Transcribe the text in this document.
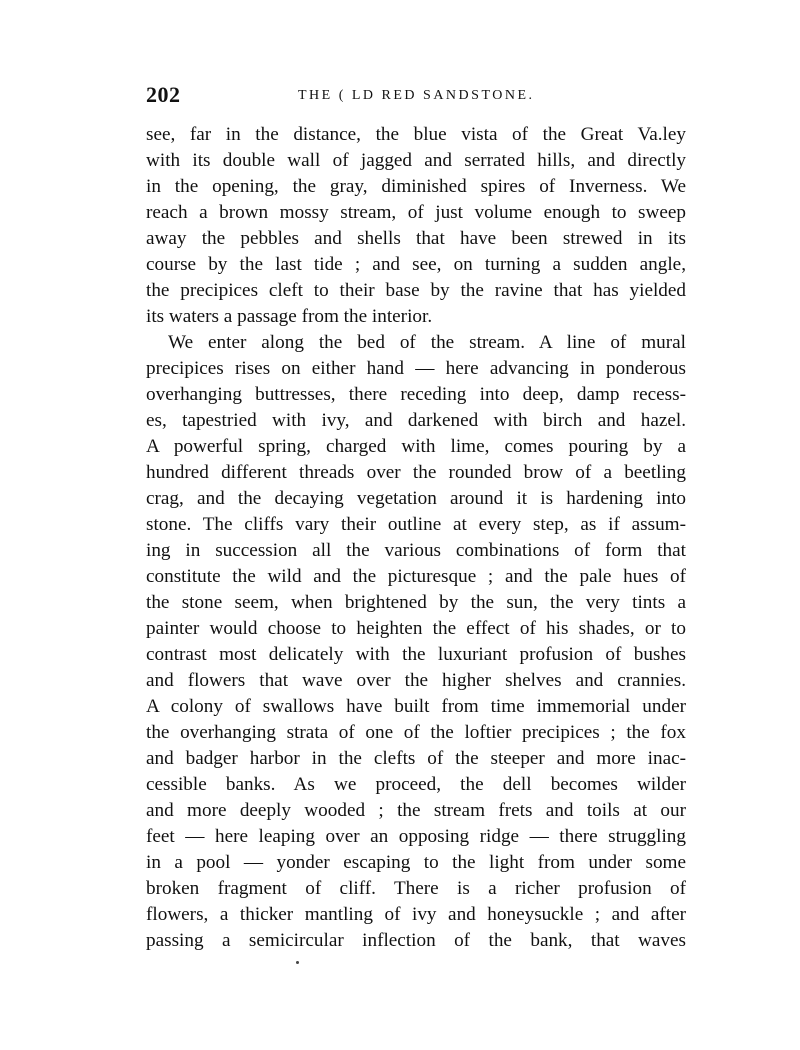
202	THE ( LD RED SANDSTONE.
see, far in the distance, the blue vista of the Great Va.ley
with its double wall of jagged and serrated hills, and directly
in the opening, the gray, diminished spires of Inverness. We
reach a brown mossy stream, of just volume enough to sweep
away the pebbles and shells that have been strewed in its
course by the last tide ; and see, on turning a sudden angle,
the precipices cleft to their base by the ravine that has yielded
its waters a passage from the interior.
We enter along the bed of the stream. A line of mural
precipices rises on either hand — here advancing in ponderous
overhanging buttresses, there receding into deep, damp recess-
es, tapestried with ivy, and darkened with birch and hazel.
A powerful spring, charged with lime, comes pouring by a
hundred different threads over the rounded brow of a beetling
crag, and the decaying vegetation around it is hardening into
stone. The cliffs vary their outline at every step, as if assum-
ing in succession all the various combinations of form that
constitute the wild and the picturesque ; and the pale hues of
the stone seem, when brightened by the sun, the very tints a
painter would choose to heighten the effect of his shades, or to
contrast most delicately with the luxuriant profusion of bushes
and flowers that wave over the higher shelves and crannies.
A colony of swallows have built from time immemorial under
the overhanging strata of one of the loftier precipices ; the fox
and badger harbor in the clefts of the steeper and more inac-
cessible banks. As we proceed, the dell becomes wilder
and more deeply wooded ; the stream frets and toils at our
feet — here leaping over an opposing ridge — there struggling
in a pool — yonder escaping to the light from under some
broken fragment of cliff. There is a richer profusion of
flowers, a thicker mantling of ivy and honeysuckle ; and after
passing a semicircular inflection of the bank, that waves
